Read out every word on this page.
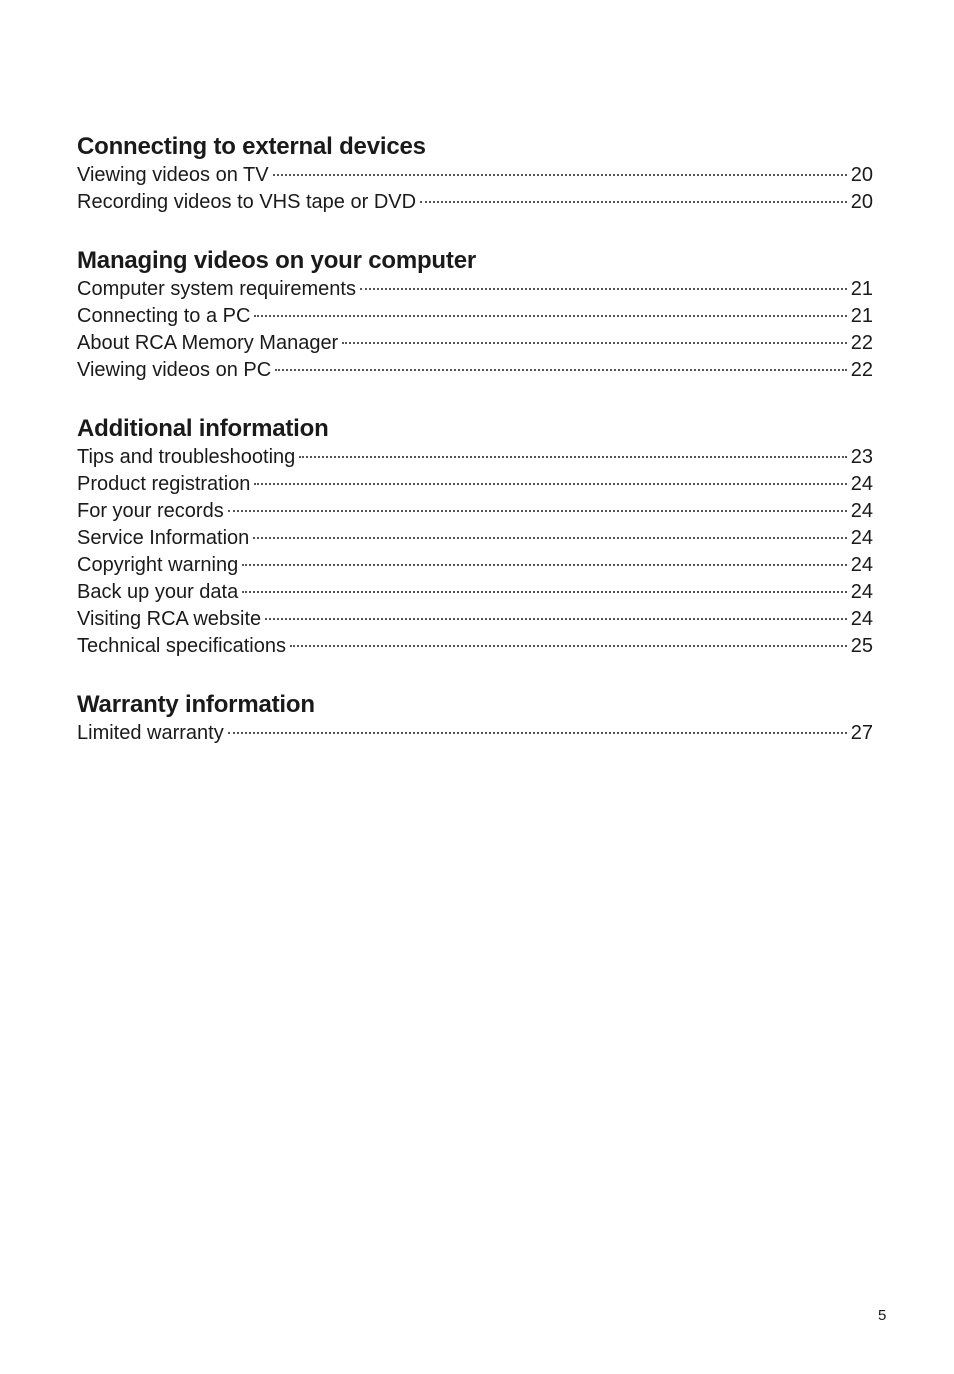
Connecting to external devices
Viewing videos on TV	20
Recording videos to VHS tape or DVD	20
Managing videos on your computer
Computer system requirements	21
Connecting to a PC	21
About RCA Memory Manager	22
Viewing videos on PC	22
Additional information
Tips and troubleshooting	23
Product registration	24
For your records	24
Service Information	24
Copyright warning	24
Back up your data	24
Visiting RCA website	24
Technical specifications	25
Warranty information
Limited warranty	27
5
